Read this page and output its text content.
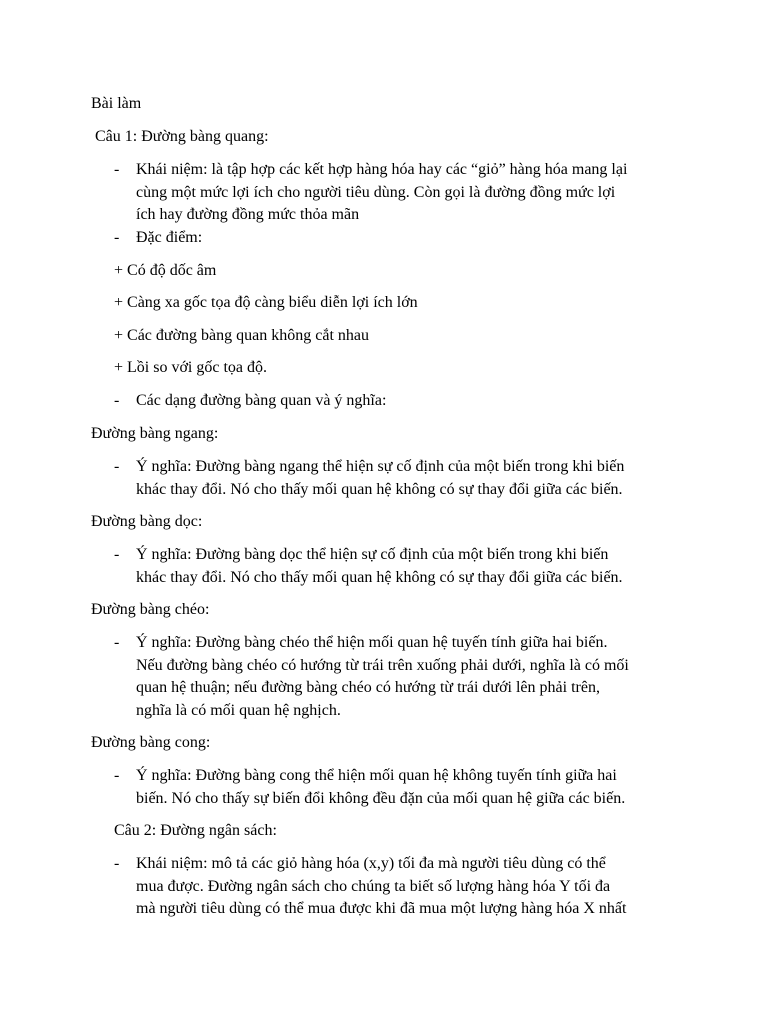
Bài làm
Câu 1: Đường bàng quang:
- Khái niệm: là tập hợp các kết hợp hàng hóa hay các “giỏ” hàng hóa mang lại
cùng một mức lợi ích cho người tiêu dùng. Còn gọi là đường đồng mức lợi
ích hay đường đồng mức thỏa mãn
- Đặc điểm:
+ Có độ dốc âm
+ Càng xa gốc tọa độ càng biểu diễn lợi ích lớn
+ Các đường bàng quan không cắt nhau
+ Lồi so với gốc tọa độ.
- Các dạng đường bàng quan và ý nghĩa:
Đường bàng ngang:
- Ý nghĩa: Đường bàng ngang thể hiện sự cố định của một biến trong khi biến
khác thay đổi. Nó cho thấy mối quan hệ không có sự thay đổi giữa các biến.
Đường bàng dọc:
- Ý nghĩa: Đường bàng dọc thể hiện sự cố định của một biến trong khi biến
khác thay đổi. Nó cho thấy mối quan hệ không có sự thay đổi giữa các biến.
Đường bàng chéo:
- Ý nghĩa: Đường bàng chéo thể hiện mối quan hệ tuyến tính giữa hai biến.
Nếu đường bàng chéo có hướng từ trái trên xuống phải dưới, nghĩa là có mối
quan hệ thuận; nếu đường bàng chéo có hướng từ trái dưới lên phải trên,
nghĩa là có mối quan hệ nghịch.
Đường bàng cong:
- Ý nghĩa: Đường bàng cong thể hiện mối quan hệ không tuyến tính giữa hai
biến. Nó cho thấy sự biến đổi không đều đặn của mối quan hệ giữa các biến.
Câu 2: Đường ngân sách:
- Khái niệm: mô tả các giỏ hàng hóa (x,y) tối đa mà người tiêu dùng có thể
mua được. Đường ngân sách cho chúng ta biết số lượng hàng hóa Y tối đa
mà người tiêu dùng có thể mua được khi đã mua một lượng hàng hóa X nhất
